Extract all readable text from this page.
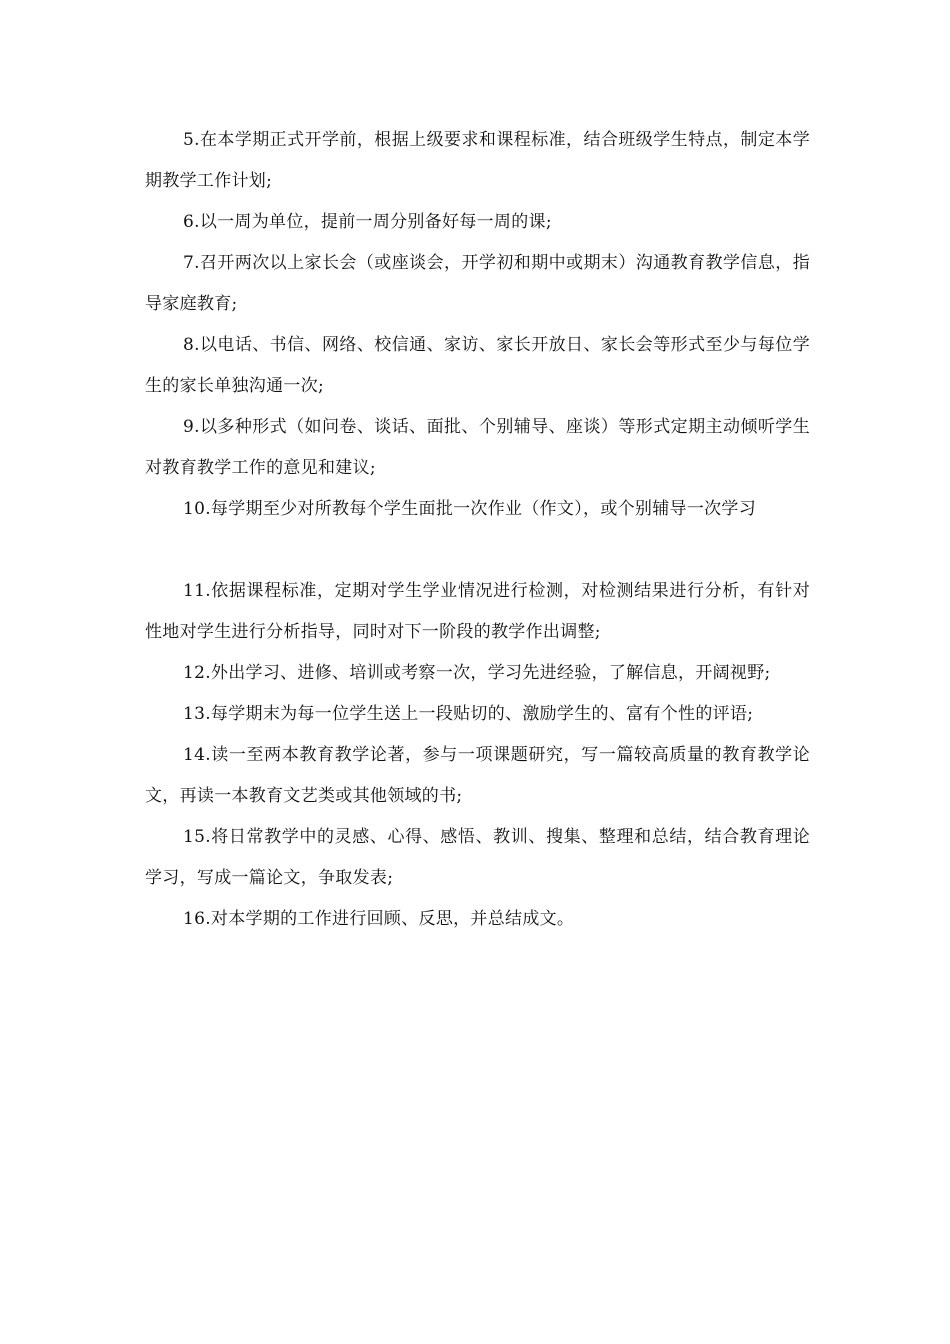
5.在本学期正式开学前，根据上级要求和课程标准，结合班级学生特点，制定本学期教学工作计划;

6.以一周为单位，提前一周分别备好每一周的课;

7.召开两次以上家长会（或座谈会，开学初和期中或期末）沟通教育教学信息，指导家庭教育;

8.以电话、书信、网络、校信通、家访、家长开放日、家长会等形式至少与每位学生的家长单独沟通一次;

9.以多种形式（如问卷、谈话、面批、个别辅导、座谈）等形式定期主动倾听学生对教育教学工作的意见和建议;

10.每学期至少对所教每个学生面批一次作业（作文），或个别辅导一次学习

11.依据课程标准，定期对学生学业情况进行检测，对检测结果进行分析，有针对性地对学生进行分析指导，同时对下一阶段的教学作出调整;

12.外出学习、进修、培训或考察一次，学习先进经验，了解信息，开阔视野;

13.每学期末为每一位学生送上一段贴切的、激励学生的、富有个性的评语;

14.读一至两本教育教学论著，参与一项课题研究，写一篇较高质量的教育教学论文，再读一本教育文艺类或其他领域的书;

15.将日常教学中的灵感、心得、感悟、教训、搜集、整理和总结，结合教育理论学习，写成一篇论文，争取发表;

16.对本学期的工作进行回顾、反思，并总结成文。
